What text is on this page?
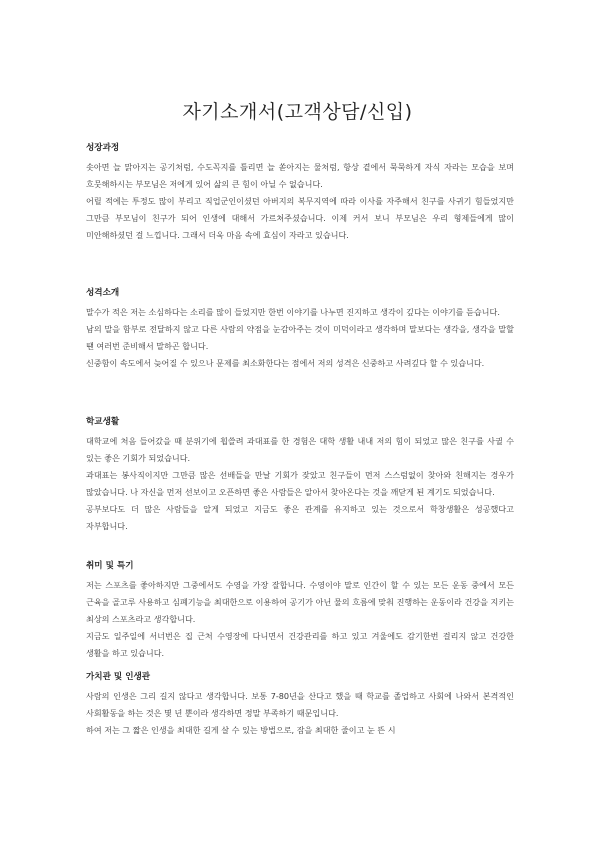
자기소개서(고객상담/신입)
성장과정

솟아면 늘 맑아지는 공기처럼, 수도꼭지를 틀리면 늘 쏟아지는 물처럼, 항상 곁에서 묵묵하게 자식 자라는 모습을 보며 흐뭇해하시는 부모님은 저에게 있어 삶의 큰 힘이 아닐 수 없습니다.

어릴 적에는 투정도 많이 부리고 직업군인이셨던 아버지의 복무지역에 따라 이사를 자주해서 친구를 사귀기 힘들었지만 그만큼 부모님이 친구가 되어 인생에 대해서 가르쳐주셨습니다. 이제 커서 보니 부모님은 우리 형제들에게 많이 미안해하셨던 걸 느낍니다. 그래서 더욱 마음 속에 효심이 자라고 있습니다.

성격소개

말수가 적은 저는 소심하다는 소리를 많이 들었지만 한번 이야기를 나누면 진지하고 생각이 깊다는 이야기를 듣습니다.

남의 말을 함부로 전달하지 않고 다른 사람의 약점을 눈감아주는 것이 미덕이라고 생각하며 말보다는 생각을, 생각을 말할 땐 여러번 준비해서 말하곤 합니다.

신중함이 속도에서 늦어질 수 있으나 문제를 최소화한다는 점에서 저의 성격은 신중하고 사려깊다 할 수 있습니다.

학교생활

대학교에 처음 들어갔을 때 분위기에 휩쓸려 과대표를 한 경험은 대학 생활 내내 저의 힘이 되었고 많은 친구를 사귈 수 있는 좋은 기회가 되었습니다.

과대표는 봉사직이지만 그만큼 많은 선배들을 만날 기회가 잦았고 친구들이 먼저 스스럼없이 찾아와 친해지는 경우가 많았습니다. 나 자신을 먼저 선보이고 오픈하면 좋은 사람들은 알아서 찾아온다는 것을 깨닫게 된 계기도 되었습니다.

공부보다도 더 많은 사람들을 알게 되었고 지금도 좋은 관계를 유지하고 있는 것으로서 학창생활은 성공했다고 자부합니다.

취미 및 특기

저는 스포츠를 좋아하지만 그중에서도 수영을 가장 잘합니다. 수영이야 말로 인간이 할 수 있는 모든 운동 중에서 모든 근육을 골고루 사용하고 심폐기능을 최대한으로 이용하여 공기가 아닌 물의 흐름에 맞춰 진행하는 운동이라 건강을 지키는 최상의 스포츠라고 생각합니다.

지금도 일주일에 서너번은 집 근처 수영장에 다니면서 건강관리를 하고 있고 겨울에도 감기한번 걸리지 않고 건강한 생활을 하고 있습니다.

가치관 및 인생관

사람의 인생은 그리 길지 않다고 생각합니다. 보통 7-80년을 산다고 했을 때 학교를 졸업하고 사회에 나와서 본격적인 사회활동을 하는 것은 몇 년 뿐이라 생각하면 정말 부족하기 때문입니다.

하여 저는 그 짧은 인생을 최대한 길게 살 수 있는 방법으로, 잠을 최대한 줄이고 눈 뜬 시
